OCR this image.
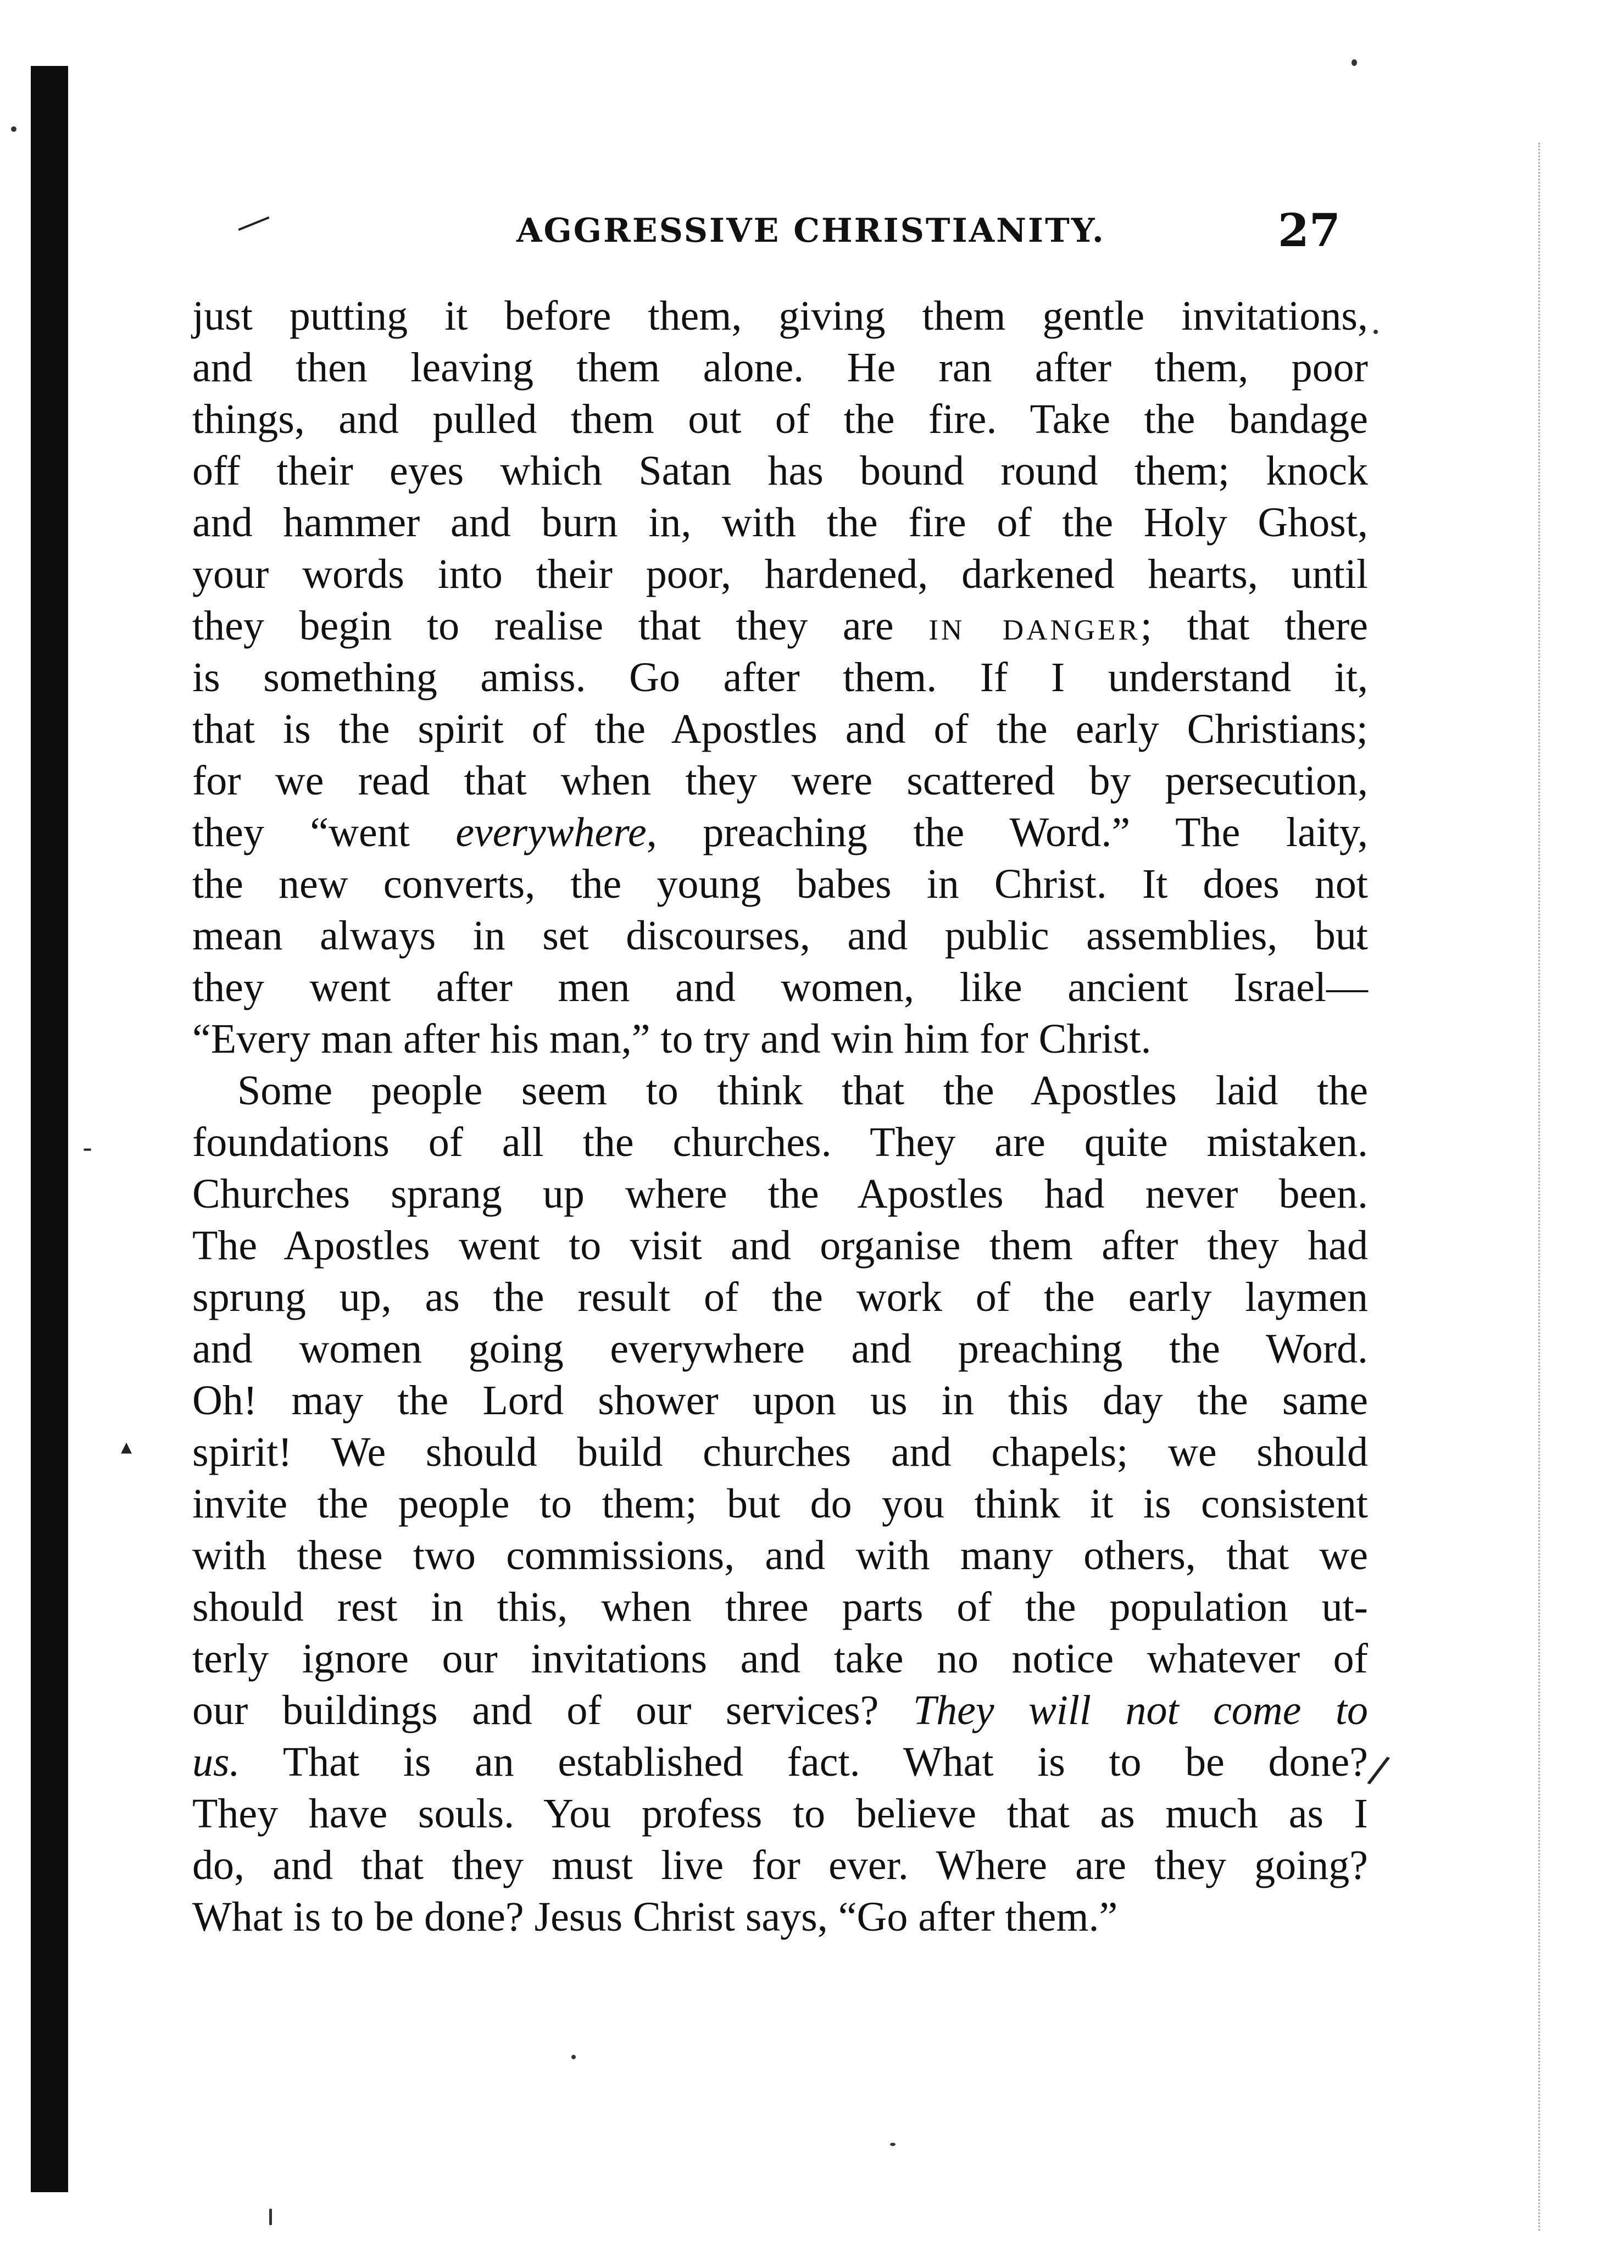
/
-
▴
AGGRESSIVE CHRISTIANITY.	27

just putting it before them, giving them gentle invitations,

and then leaving them alone. He ran after them, poor

things, and pulled them out of the fire. Take the bandage

off their eyes which Satan has bound round them; knock

and hammer and burn in, with the fire of the Holy Ghost,

your words into their poor, hardened, darkened hearts, until

they begin to realise that they are in danger; that there

is something amiss. Go after them. If I understand it,

that is the spirit of the Apostles and of the early Christians;

for we read that when they were scattered by persecution,

they “went everywhere, preaching the Word.” The laity,

the new converts, the young babes in Christ. It does not

mean always in set discourses, and public assemblies, but

they went after men and women, like ancient Israel—

“Every man after his man,” to try and win him for Christ.

Some people seem to think that the Apostles laid the

foundations of all the churches. They are quite mistaken.

Churches sprang up where the Apostles had never been.

The Apostles went to visit and organise them after they had

sprung up, as the result of the work of the early laymen

and women going everywhere and preaching the Word.

Oh! may the Lord shower upon us in this day the same

spirit! We should build churches and chapels; we should

invite the people to them; but do you think it is consistent

with these two commissions, and with many others, that we

should rest in this, when three parts of the population ut-

terly ignore our invitations and take no notice whatever of

our buildings and of our services? They will not come to

us. That is an established fact. What is to be done?

They have souls. You profess to believe that as much as I

do, and that they must live for ever. Where are they going?

What is to be done? Jesus Christ says, “Go after them.”
